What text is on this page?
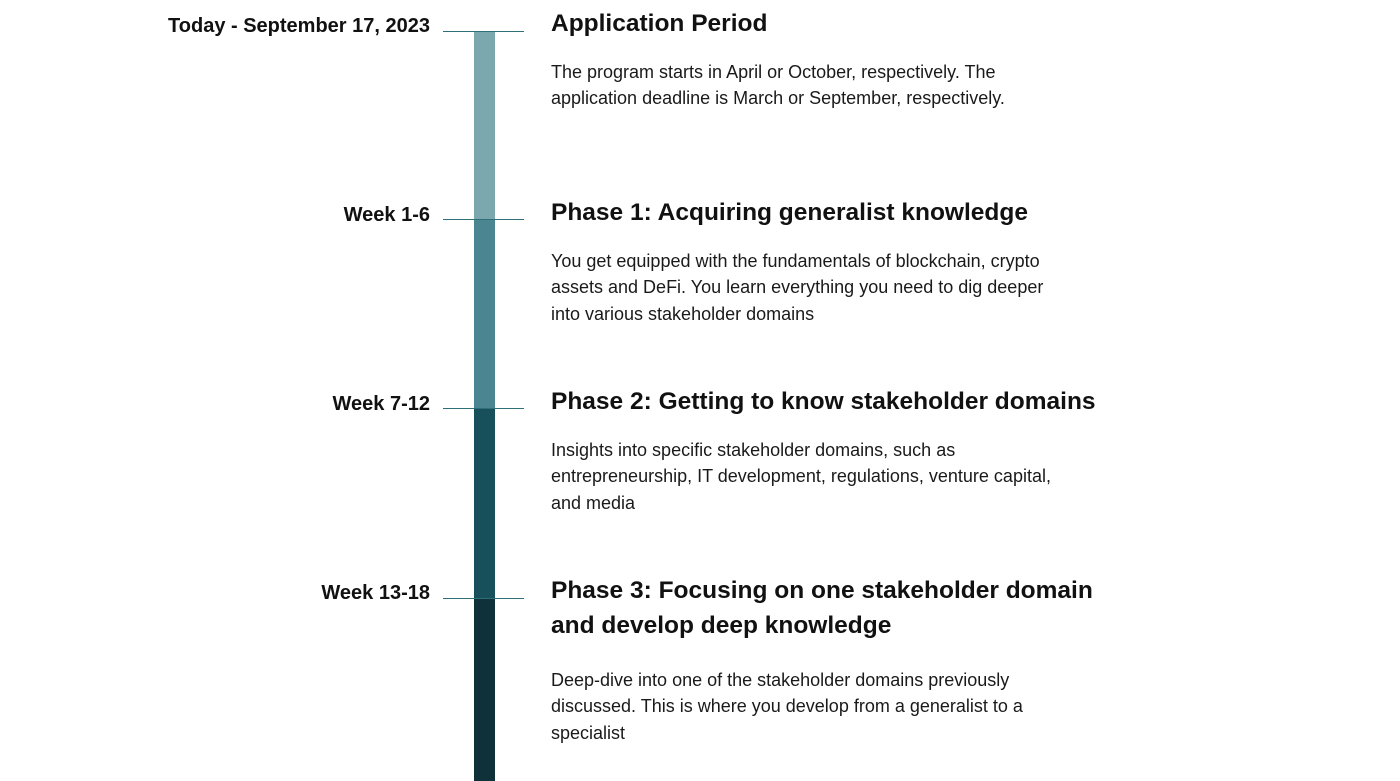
Today - September 17, 2023	Application Period

The program starts in April or October, respectively. The application deadline is March or September, respectively.

Week 1-6	Phase 1: Acquiring generalist knowledge

You get equipped with the fundamentals of blockchain, crypto assets and DeFi. You learn everything you need to dig deeper into various stakeholder domains

Week 7-12	Phase 2: Getting to know stakeholder domains

Insights into specific stakeholder domains, such as entrepreneurship, IT development, regulations, venture capital, and media

Week 13-18	Phase 3: Focusing on one stakeholder domain and develop deep knowledge

Deep-dive into one of the stakeholder domains previously discussed. This is where you develop from a generalist to a specialist
